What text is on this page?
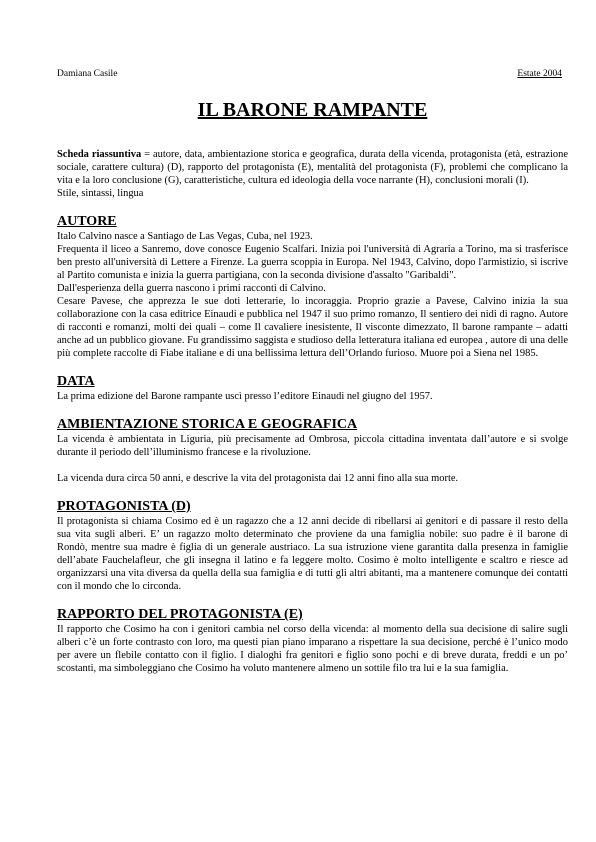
Damiana Casile	Estate 2004
IL BARONE RAMPANTE

Scheda riassuntiva = autore, data, ambientazione storica e geografica, durata della vicenda, protagonista (età, estrazione sociale, carattere cultura) (D), rapporto del protagonista (E), mentalità del protagonista (F), problemi che complicano la vita e la loro conclusione (G), caratteristiche, cultura ed ideologia della voce narrante (H), conclusioni morali (I).

Stile, sintassi, lingua

AUTORE

Italo Calvino nasce a Santiago de Las Vegas, Cuba, nel 1923.

Frequenta il liceo a Sanremo, dove conosce Eugenio Scalfari. Inizia poi l'università di Agraria a Torino, ma si trasferisce ben presto all'università di Lettere a Firenze. La guerra scoppia in Europa. Nel 1943, Calvino, dopo l'armistizio, si iscrive al Partito comunista e inizia la guerra partigiana, con la seconda divisione d'assalto "Garibaldi".

Dall'esperienza della guerra nascono i primi racconti di Calvino.

Cesare Pavese, che apprezza le sue doti letterarie, lo incoraggia. Proprio grazie a Pavese, Calvino inizia la sua collaborazione con la casa editrice Einaudi e pubblica nel 1947 il suo primo romanzo, Il sentiero dei nidi di ragno. Autore di racconti e romanzi, molti dei quali – come Il cavaliere inesistente, Il visconte dimezzato, Il barone rampante – adatti anche ad un pubblico giovane. Fu grandissimo saggista e studioso della letteratura italiana ed europea , autore di una delle più complete raccolte di Fiabe italiane e di una bellissima lettura dell’Orlando furioso. Muore poi a Siena nel 1985.

DATA

La prima edizione del Barone rampante uscì presso l’editore Einaudi nel giugno del 1957.

AMBIENTAZIONE STORICA E GEOGRAFICA

La vicenda è ambientata in Liguria, più precisamente ad Ombrosa, piccola cittadina inventata dall’autore e si svolge durante il periodo dell’illuminismo francese e la rivoluzione.

La vicenda dura circa 50 anni, e descrive la vita del protagonista dai 12 anni fino alla sua morte.

PROTAGONISTA (D)

Il protagonista si chiama Cosimo ed è un ragazzo che a 12 anni decide di ribellarsi ai genitori e di passare il resto della sua vita sugli alberi. E’ un ragazzo molto determinato che proviene da una famiglia nobile: suo padre è il barone di Rondò, mentre sua madre è figlia di un generale austriaco. La sua istruzione viene garantita dalla presenza in famiglie dell’abate Fauchelafleur, che gli insegna il latino e fa leggere molto. Cosimo è molto intelligente e scaltro e riesce ad organizzarsi una vita diversa da quella della sua famiglia e di tutti gli altri abitanti, ma a mantenere comunque dei contatti con il mondo che lo circonda.

RAPPORTO DEL PROTAGONISTA (E)

Il rapporto che Cosimo ha con i genitori cambia nel corso della vicenda: al momento della sua decisione di salire sugli alberi c’è un forte contrasto con loro, ma questi pian piano imparano a rispettare la sua decisione, perché è l’unico modo per avere un flebile contatto con il figlio. I dialoghi fra genitori e figlio sono pochi e di breve durata, freddi e un po’ scostanti, ma simboleggiano che Cosimo ha voluto mantenere almeno un sottile filo tra lui e la sua famiglia.
